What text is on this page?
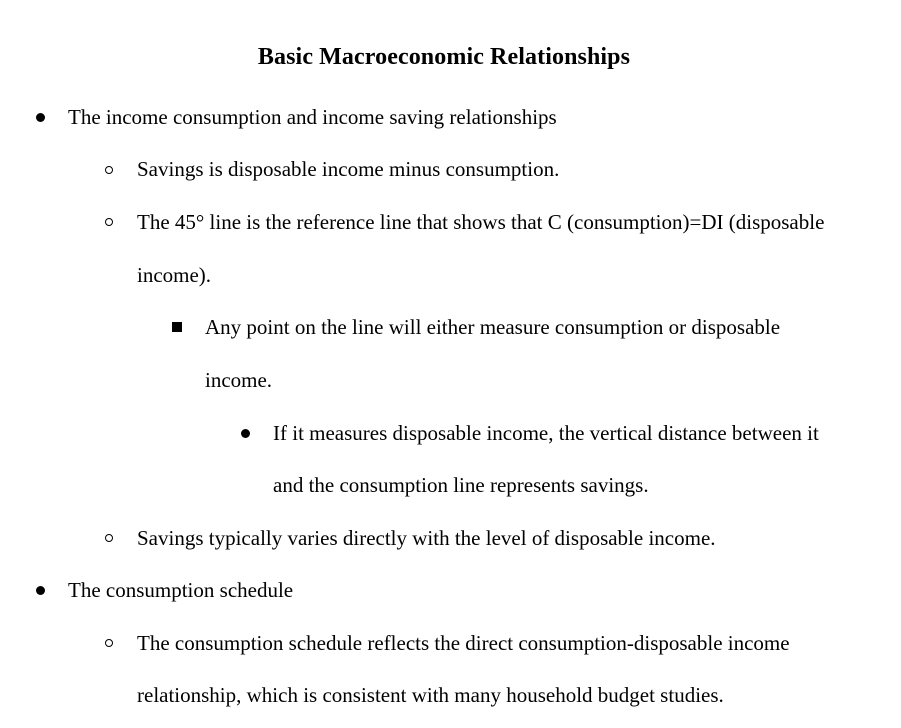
Basic Macroeconomic Relationships
The income consumption and income saving relationships
Savings is disposable income minus consumption.
The 45° line is the reference line that shows that C (consumption)=DI (disposable
income).
Any point on the line will either measure consumption or disposable
income.
If it measures disposable income, the vertical distance between it
and the consumption line represents savings.
Savings typically varies directly with the level of disposable income.
The consumption schedule
The consumption schedule reflects the direct consumption-disposable income
relationship, which is consistent with many household budget studies.
